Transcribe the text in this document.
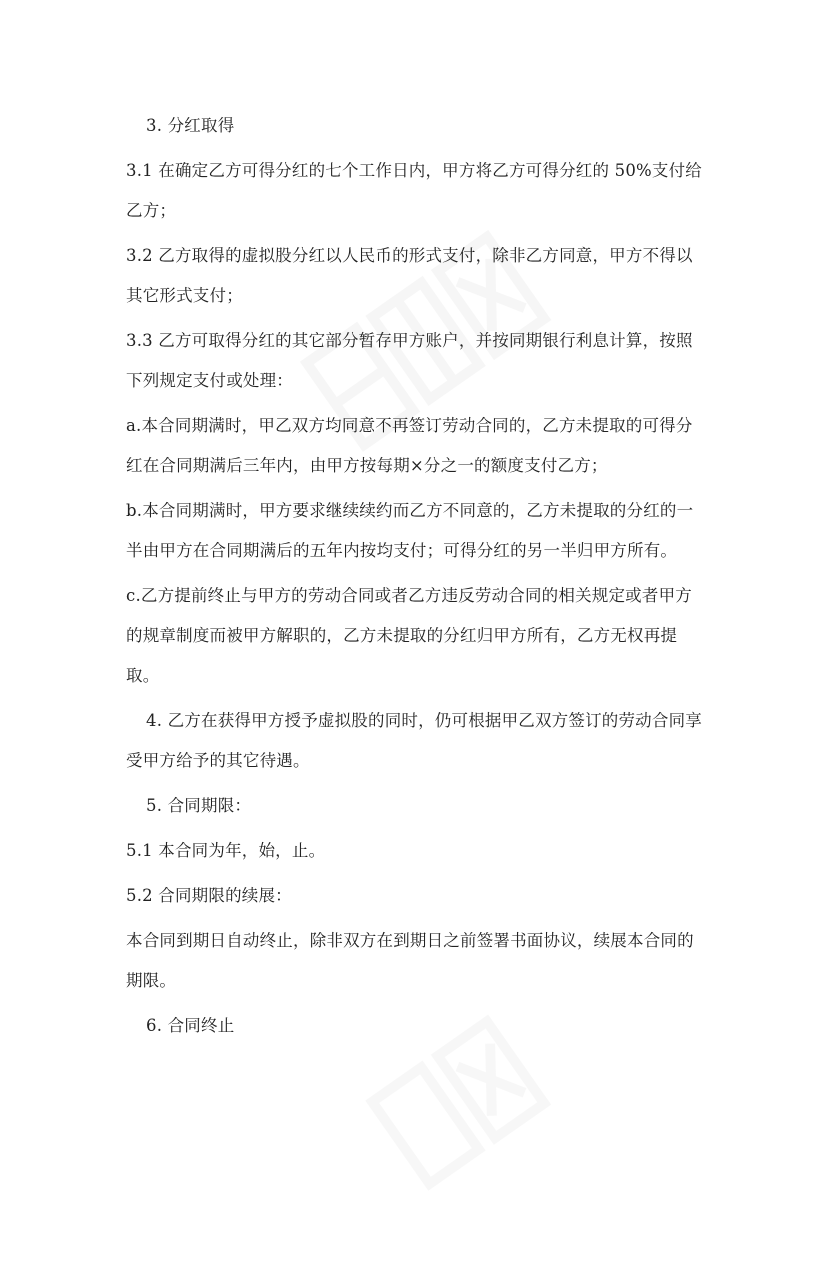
3. 分红取得
3.1 在确定乙方可得分红的七个工作日内，甲方将乙方可得分红的 50%支付给
乙方；
3.2 乙方取得的虚拟股分红以人民币的形式支付，除非乙方同意，甲方不得以
其它形式支付；
3.3 乙方可取得分红的其它部分暂存甲方账户，并按同期银行利息计算，按照
下列规定支付或处理：
a.本合同期满时，甲乙双方均同意不再签订劳动合同的，乙方未提取的可得分
红在合同期满后三年内，由甲方按每期×分之一的额度支付乙方；
b.本合同期满时，甲方要求继续续约而乙方不同意的，乙方未提取的分红的一
半由甲方在合同期满后的五年内按均支付；可得分红的另一半归甲方所有。
c.乙方提前终止与甲方的劳动合同或者乙方违反劳动合同的相关规定或者甲方
的规章制度而被甲方解职的，乙方未提取的分红归甲方所有，乙方无权再提
取。
4. 乙方在获得甲方授予虚拟股的同时，仍可根据甲乙双方签订的劳动合同享
受甲方给予的其它待遇。
5. 合同期限：
5.1 本合同为年，始，止。
5.2 合同期限的续展：
本合同到期日自动终止，除非双方在到期日之前签署书面协议，续展本合同的
期限。
6. 合同终止
